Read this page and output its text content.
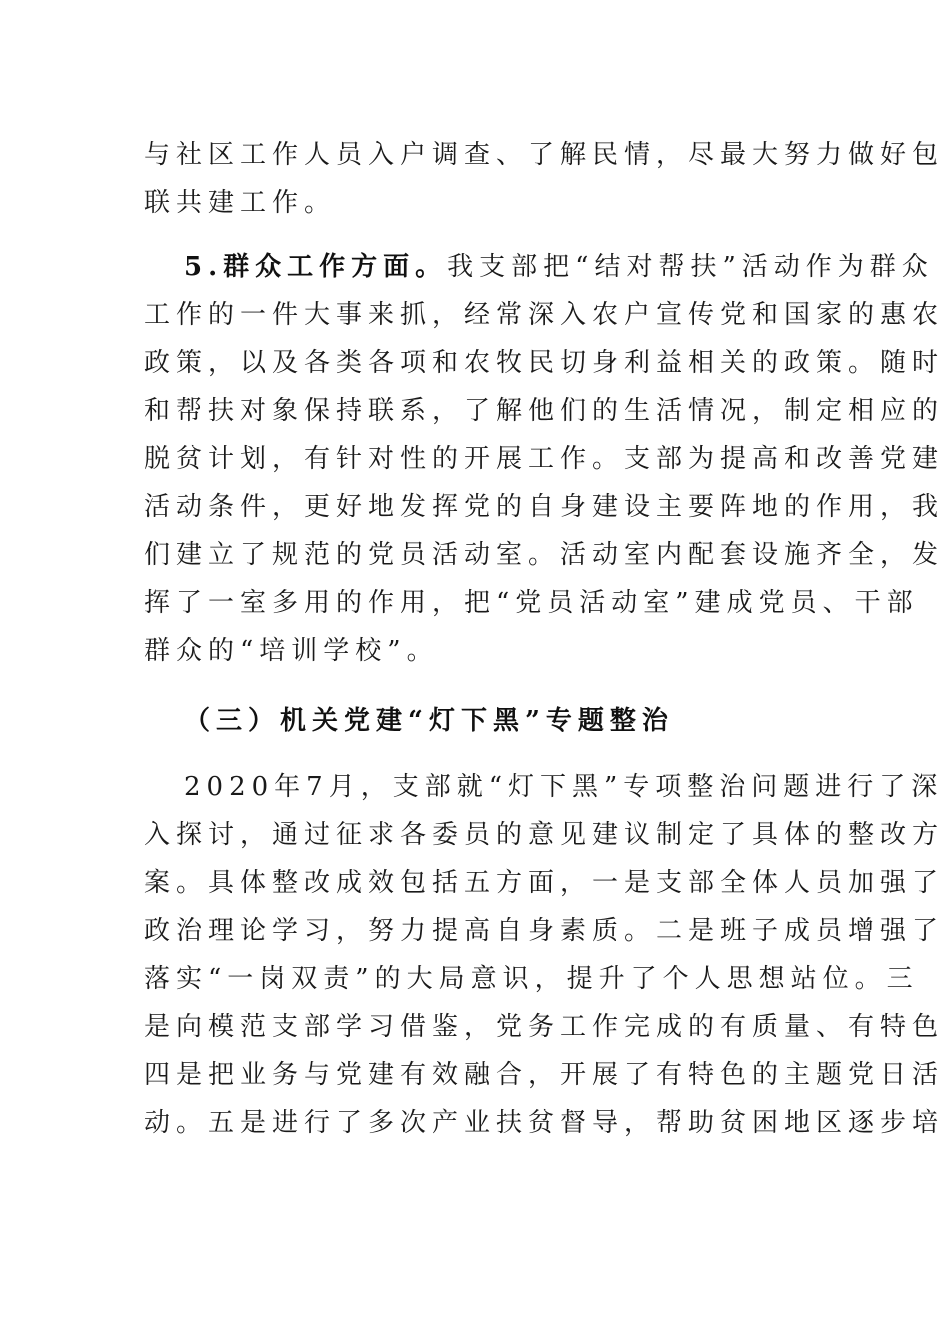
与社区工作人员入户调查、了解民情，尽最大努力做好包
联共建工作。
5.群众工作方面。我支部把“结对帮扶”活动作为群众
工作的一件大事来抓，经常深入农户宣传党和国家的惠农
政策，以及各类各项和农牧民切身利益相关的政策。随时
和帮扶对象保持联系，了解他们的生活情况，制定相应的
脱贫计划，有针对性的开展工作。支部为提高和改善党建
活动条件，更好地发挥党的自身建设主要阵地的作用，我
们建立了规范的党员活动室。活动室内配套设施齐全，发
挥了一室多用的作用，把“党员活动室”建成党员、干部
群众的“培训学校”。
（三）机关党建“灯下黑”专题整治
2020年7月，支部就“灯下黑”专项整治问题进行了深
入探讨，通过征求各委员的意见建议制定了具体的整改方
案。具体整改成效包括五方面，一是支部全体人员加强了
政治理论学习，努力提高自身素质。二是班子成员增强了
落实“一岗双责”的大局意识，提升了个人思想站位。三
是向模范支部学习借鉴，党务工作完成的有质量、有特色
四是把业务与党建有效融合，开展了有特色的主题党日活
动。五是进行了多次产业扶贫督导，帮助贫困地区逐步培
